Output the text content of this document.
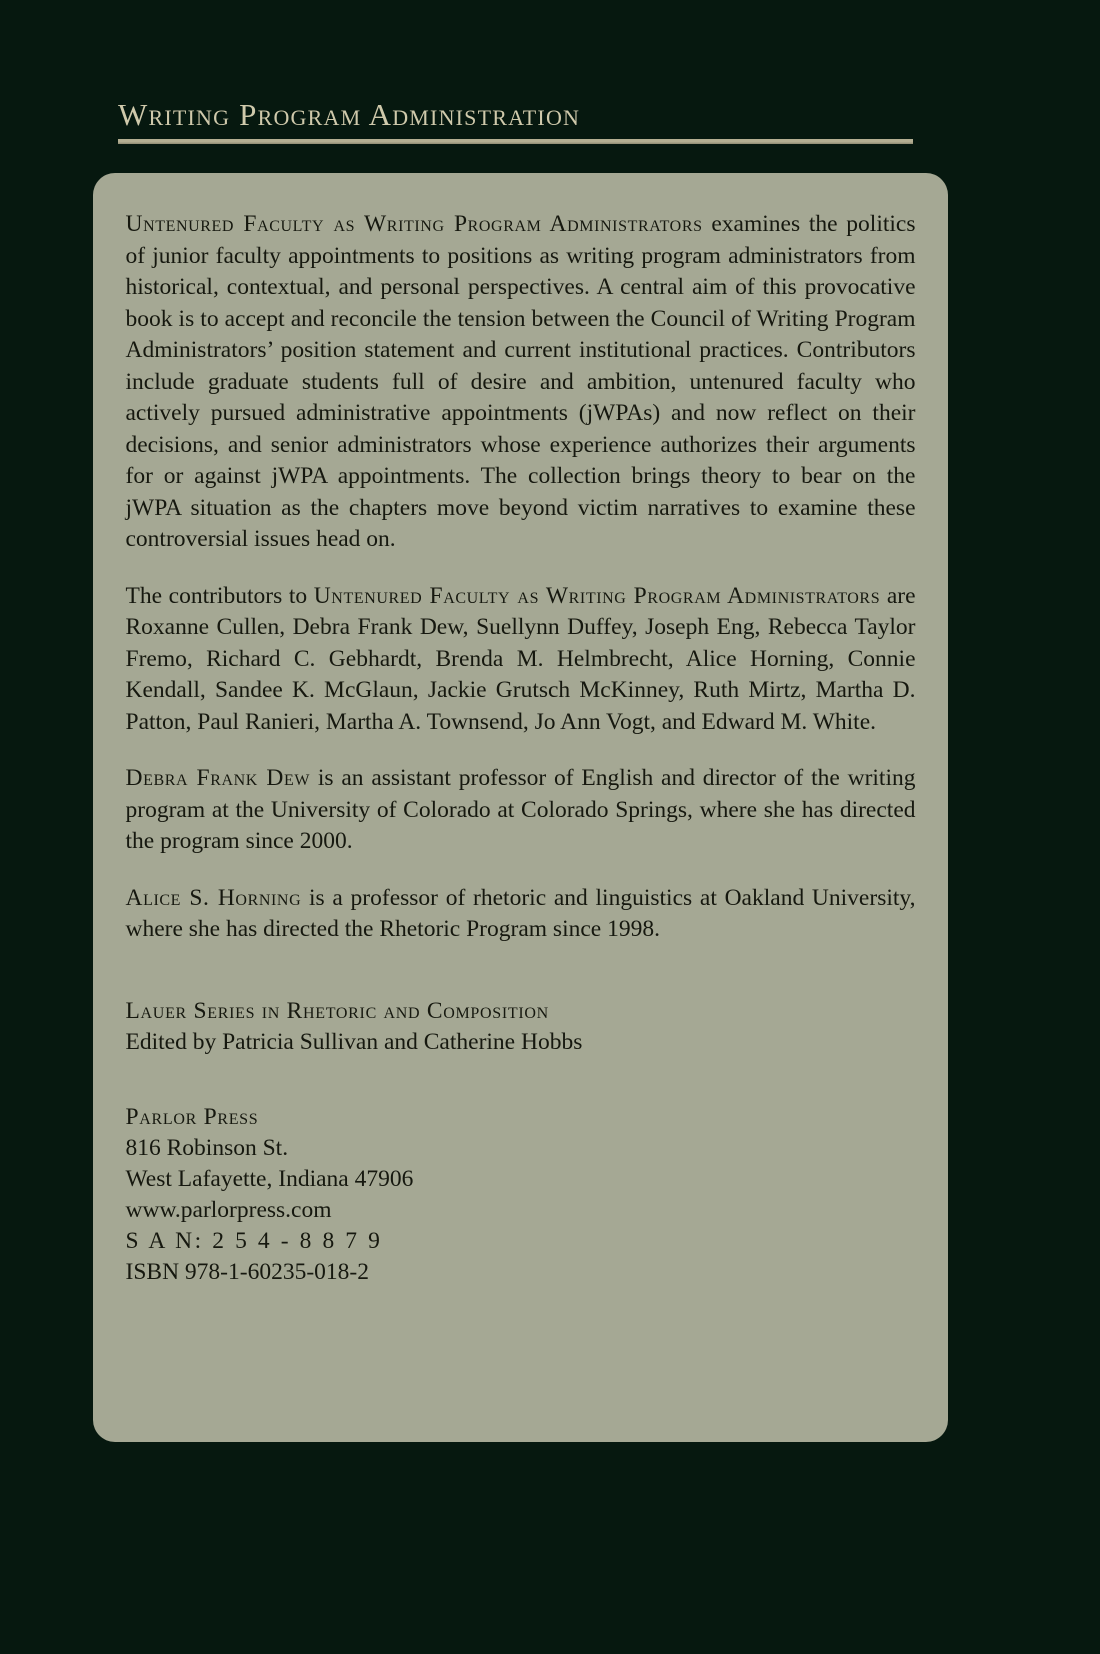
Writing Program Administration

Untenured Faculty as Writing Program Administrators examines the politics of junior faculty appointments to positions as writing program administrators from historical, contextual, and personal perspectives. A central aim of this provocative book is to accept and reconcile the tension between the Council of Writing Program Administrators’ position statement and current institutional practices. Contributors include graduate students full of desire and ambition, untenured faculty who actively pursued administrative appointments (jWPAs) and now reflect on their decisions, and senior administrators whose experience authorizes their arguments for or against jWPA appointments. The collection brings theory to bear on the jWPA situation as the chapters move beyond victim narratives to examine these controversial issues head on.

The contributors to Untenured Faculty as Writing Program Administrators are Roxanne Cullen, Debra Frank Dew, Suellynn Duffey, Joseph Eng, Rebecca Taylor Fremo, Richard C. Gebhardt, Brenda M. Helmbrecht, Alice Horning, Connie Kendall, Sandee K. McGlaun, Jackie Grutsch McKinney, Ruth Mirtz, Martha D. Patton, Paul Ranieri, Martha A. Townsend, Jo Ann Vogt, and Edward M. White.

Debra Frank Dew is an assistant professor of English and director of the writing program at the University of Colorado at Colorado Springs, where she has directed the program since 2000.

Alice S. Horning is a professor of rhetoric and linguistics at Oakland University, where she has directed the Rhetoric Program since 1998.

Lauer Series in Rhetoric and Composition
Edited by Patricia Sullivan and Catherine Hobbs
Parlor Press
816 Robinson St.
West Lafayette, Indiana 47906
www.parlorpress.com
S A N: 2 5 4 - 8 8 7 9
ISBN 978-1-60235-018-2
